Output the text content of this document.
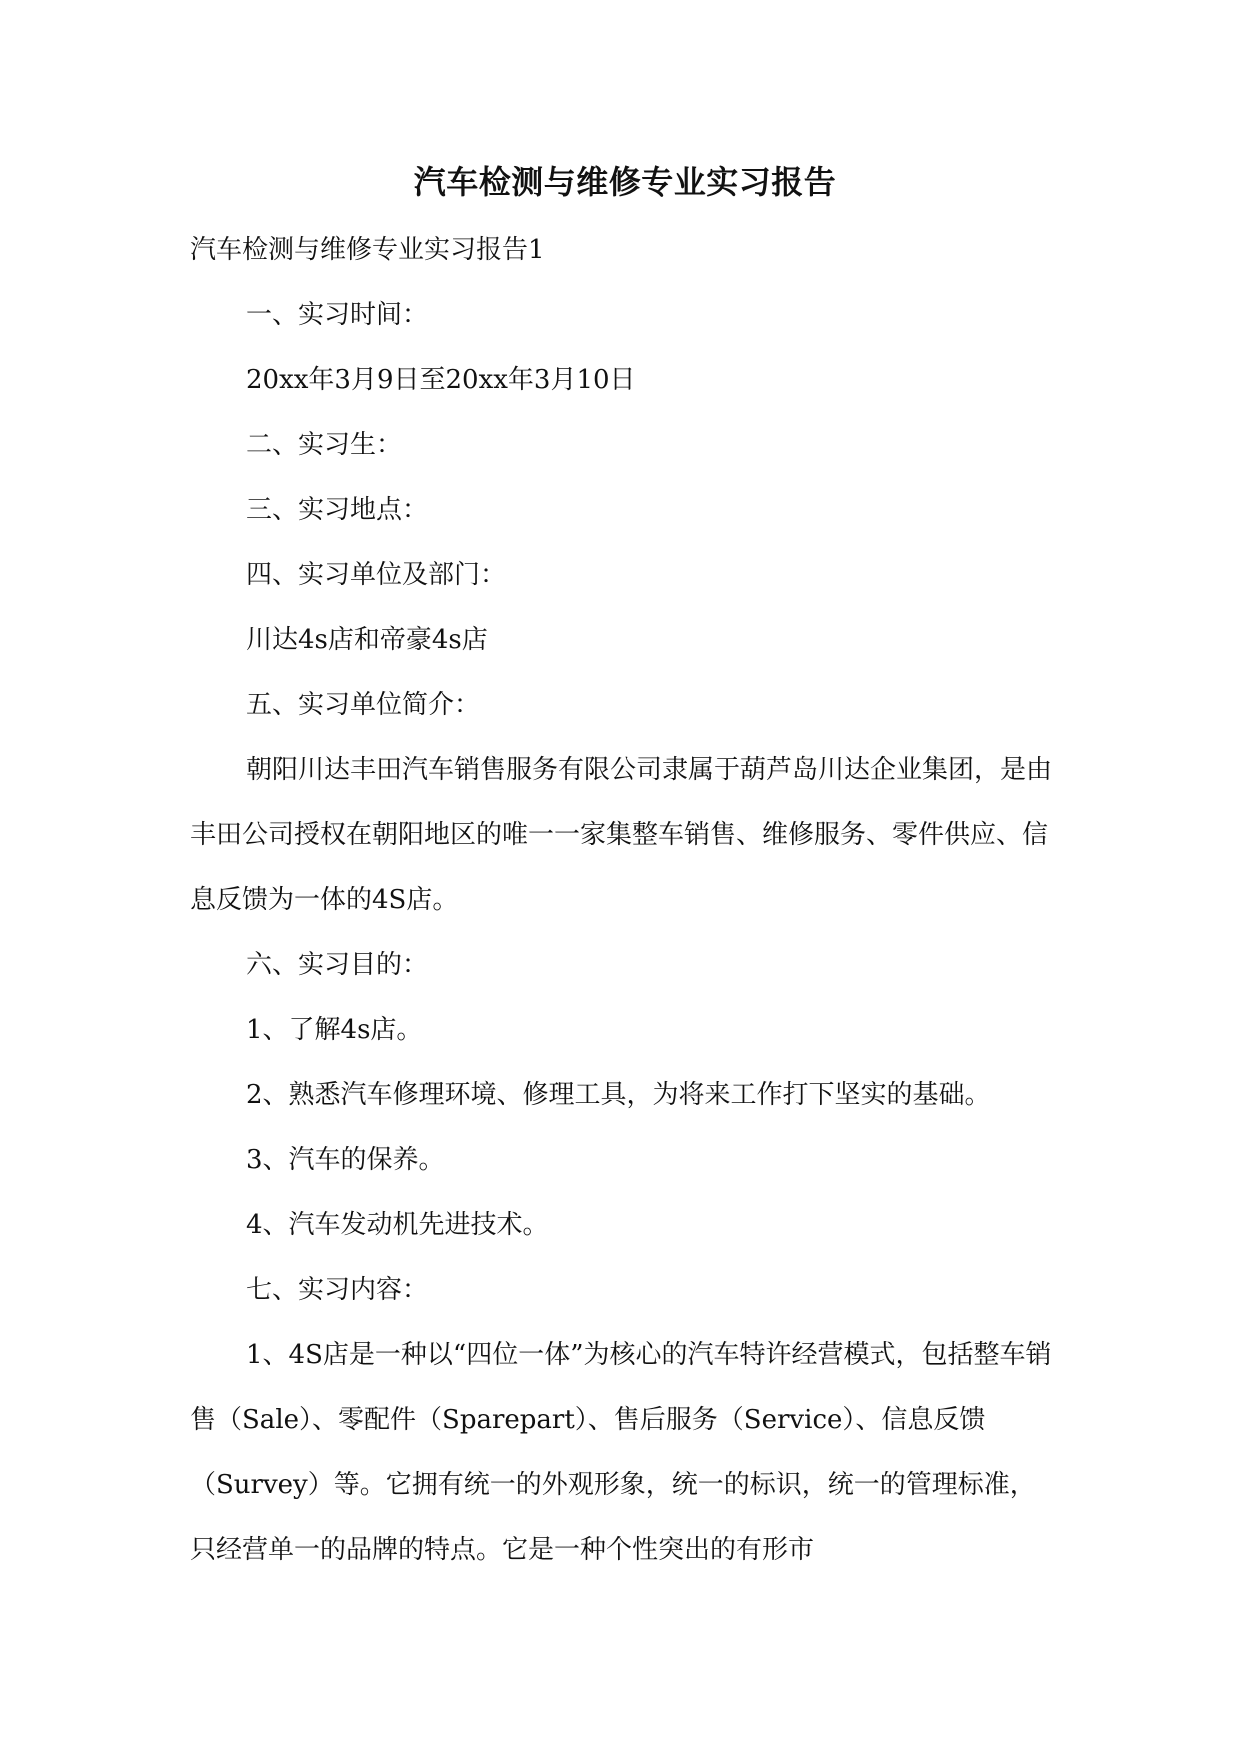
汽车检测与维修专业实习报告

汽车检测与维修专业实习报告1

一、实习时间：

20xx年3月9日至20xx年3月10日

二、实习生：

三、实习地点：

四、实习单位及部门：

川达4s店和帝豪4s店

五、实习单位简介：

朝阳川达丰田汽车销售服务有限公司隶属于葫芦岛川达企业集团，是由丰田公司授权在朝阳地区的唯一一家集整车销售、维修服务、零件供应、信息反馈为一体的4S店。

六、实习目的：

1、了解4s店。

2、熟悉汽车修理环境、修理工具，为将来工作打下坚实的基础。

3、汽车的保养。

4、汽车发动机先进技术。

七、实习内容：

1、4S店是一种以“四位一体”为核心的汽车特许经营模式，包括整车销售（Sale）、零配件（Sparepart）、售后服务（Service）、信息反馈（Survey）等。它拥有统一的外观形象，统一的标识，统一的管理标准，只经营单一的品牌的特点。它是一种个性突出的有形市
